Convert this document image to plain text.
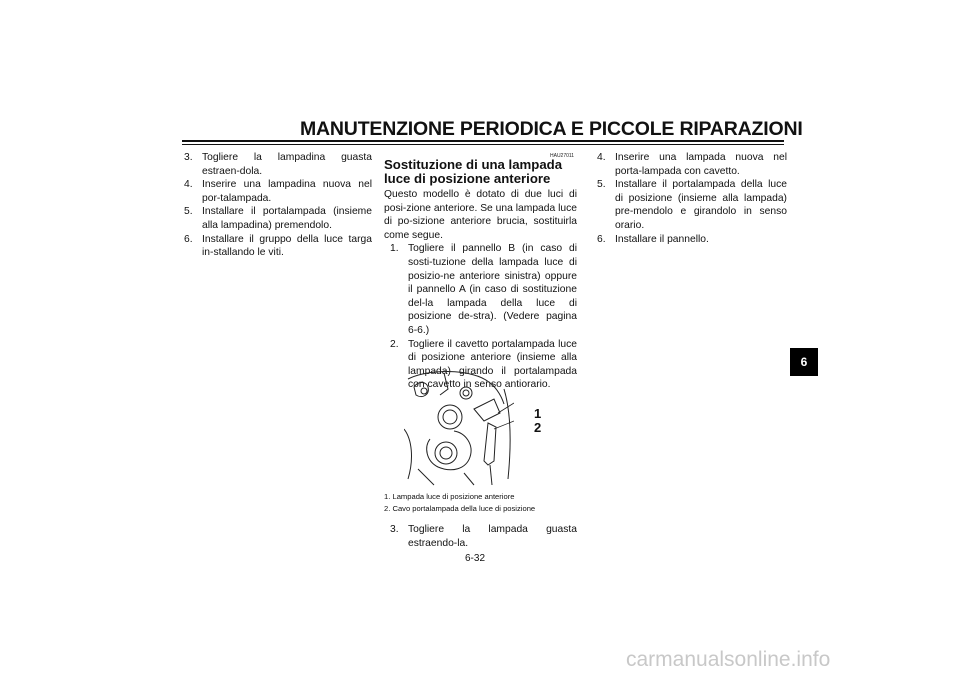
MANUTENZIONE PERIODICA E PICCOLE RIPARAZIONI
3. Togliere la lampadina guasta estraen-dola.
4. Inserire una lampadina nuova nel por-talampada.
5. Installare il portalampada (insieme alla lampadina) premendolo.
6. Installare il gruppo della luce targa in-stallando le viti.
HAU27011
Sostituzione di una lampada luce di posizione anteriore
Questo modello è dotato di due luci di posi-zione anteriore. Se una lampada luce di po-sizione anteriore brucia, sostituirla come segue.
1. Togliere il pannello B (in caso di sosti-tuzione della lampada luce di posizio-ne anteriore sinistra) oppure il pannello A (in caso di sostituzione del-la lampada della luce di posizione de-stra). (Vedere pagina 6-6.)
2. Togliere il cavetto portalampada luce di posizione anteriore (insieme alla lampada) girando il portalampada con cavetto in senso antiorario.
1
2
1. Lampada luce di posizione anteriore
2. Cavo portalampada della luce di posizione
3. Togliere la lampada guasta estraendo-la.
4. Inserire una lampada nuova nel porta-lampada con cavetto.
5. Installare il portalampada della luce di posizione (insieme alla lampada) pre-mendolo e girandolo in senso orario.
6. Installare il pannello.
6-32
6
carmanualsonline.info
